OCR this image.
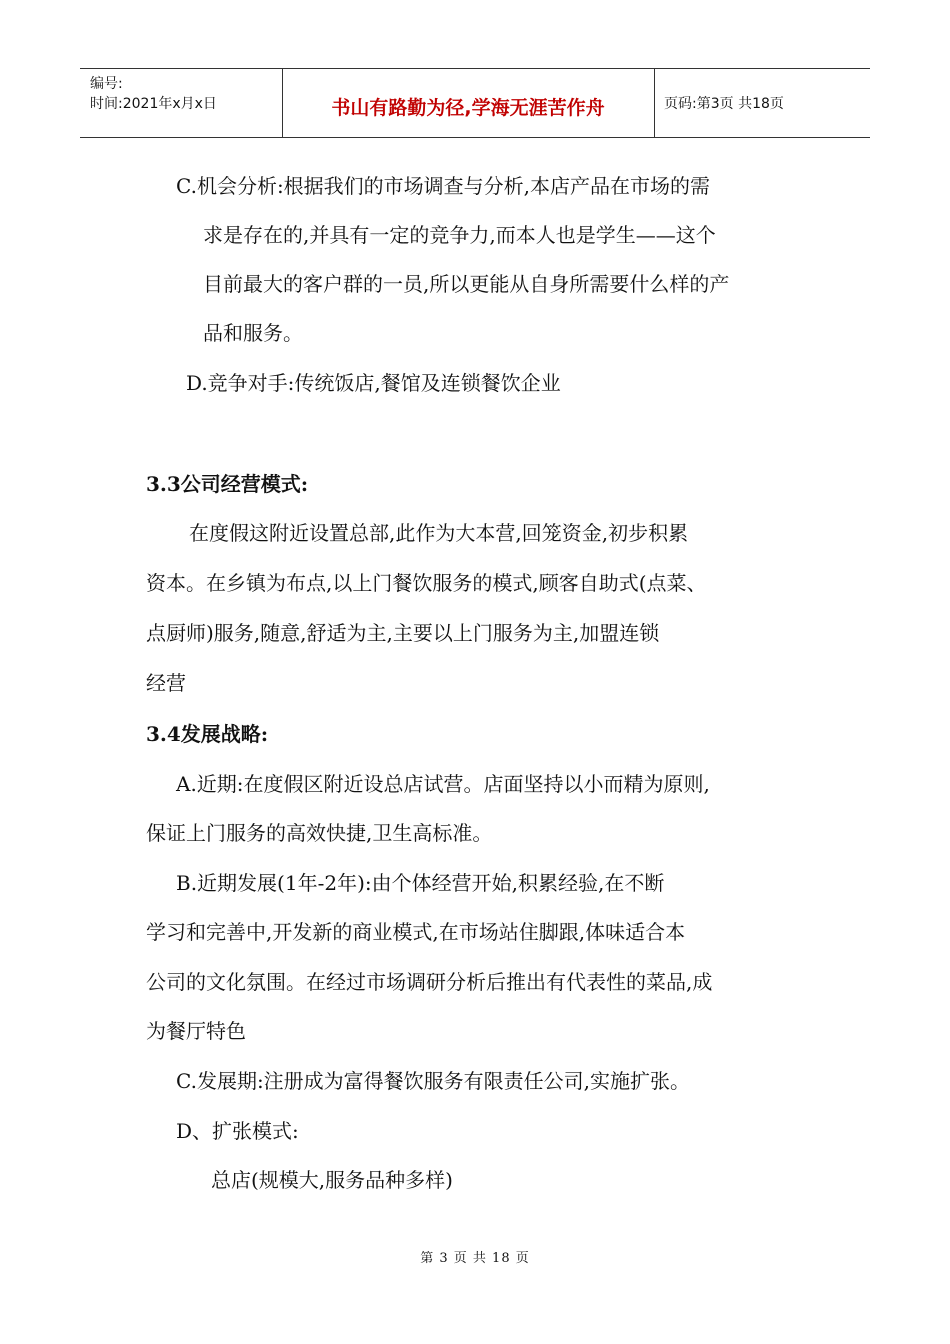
编号:
时间:2021年x月x日	书山有路勤为径,学海无涯苦作舟	页码:第3页 共18页
C.机会分析:根据我们的市场调查与分析,本店产品在市场的需
求是存在的,并具有一定的竞争力,而本人也是学生——这个
目前最大的客户群的一员,所以更能从自身所需要什么样的产
品和服务。
D.竞争对手:传统饭店,餐馆及连锁餐饮企业
3.3公司经营模式:
在度假这附近设置总部,此作为大本营,回笼资金,初步积累
资本。在乡镇为布点,以上门餐饮服务的模式,顾客自助式(点菜、
点厨师)服务,随意,舒适为主,主要以上门服务为主,加盟连锁
经营
3.4发展战略:
A.近期:在度假区附近设总店试营。店面坚持以小而精为原则,
保证上门服务的高效快捷,卫生高标准。
B.近期发展(1年-2年):由个体经营开始,积累经验,在不断
学习和完善中,开发新的商业模式,在市场站住脚跟,体味适合本
公司的文化氛围。在经过市场调研分析后推出有代表性的菜品,成
为餐厅特色
C.发展期:注册成为富得餐饮服务有限责任公司,实施扩张。
D、扩张模式:
总店(规模大,服务品种多样)
第 3 页 共 18 页
